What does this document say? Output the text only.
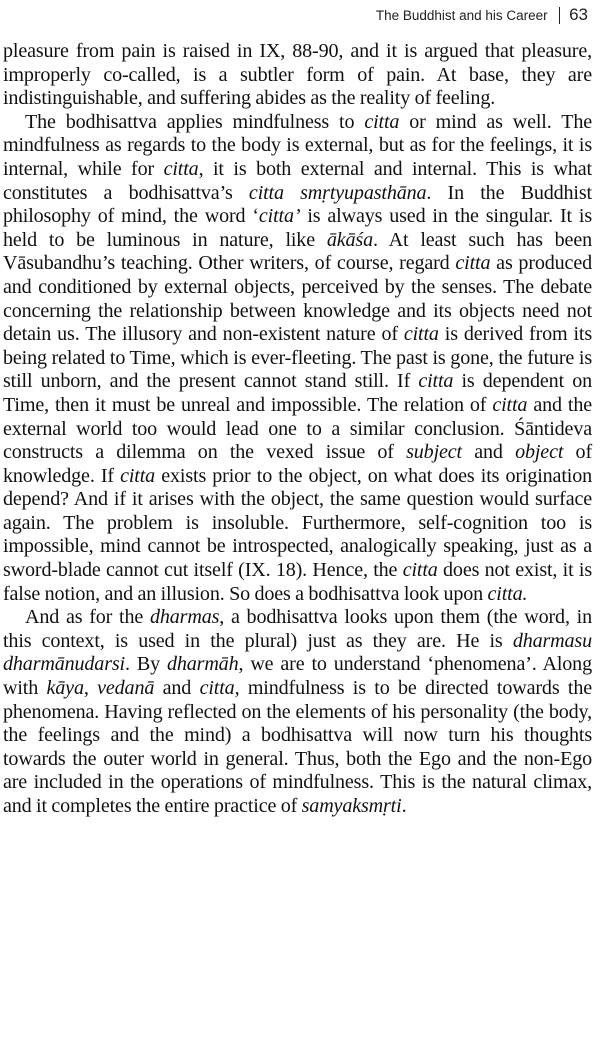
The Buddhist and his Career 63

pleasure from pain is raised in IX, 88-90, and it is argued that pleasure, improperly co-called, is a subtler form of pain. At base, they are indistinguishable, and suffering abides as the reality of feeling.

The bodhisattva applies mindfulness to citta or mind as well. The mindfulness as regards to the body is external, but as for the feelings, it is internal, while for citta, it is both external and internal. This is what constitutes a bodhisattva’s citta smṛtyupasthāna. In the Buddhist philosophy of mind, the word ‘citta’ is always used in the singular. It is held to be luminous in nature, like ākāśa. At least such has been Vāsubandhu’s teaching. Other writers, of course, regard citta as produced and conditioned by external objects, perceived by the senses. The debate concerning the relationship between knowledge and its objects need not detain us. The illusory and non-existent nature of citta is derived from its being related to Time, which is ever-fleeting. The past is gone, the future is still unborn, and the present cannot stand still. If citta is dependent on Time, then it must be unreal and impossible. The relation of citta and the external world too would lead one to a similar conclusion. Śāntideva constructs a dilemma on the vexed issue of subject and object of knowledge. If citta exists prior to the object, on what does its origination depend? And if it arises with the object, the same question would surface again. The problem is insoluble. Furthermore, self-cognition too is impossible, mind cannot be introspected, analogically speaking, just as a sword-blade cannot cut itself (IX. 18). Hence, the citta does not exist, it is false notion, and an illusion. So does a bodhisattva look upon citta.

And as for the dharmas, a bodhisattva looks upon them (the word, in this context, is used in the plural) just as they are. He is dharmasu dharmānudarsi. By dharmāh, we are to understand ‘phenomena’. Along with kāya, vedanā and citta, mindfulness is to be directed towards the phenomena. Having reflected on the elements of his personality (the body, the feelings and the mind) a bodhisattva will now turn his thoughts towards the outer world in general. Thus, both the Ego and the non-Ego are included in the operations of mindfulness. This is the natural climax, and it completes the entire practice of samyaksmṛti.
